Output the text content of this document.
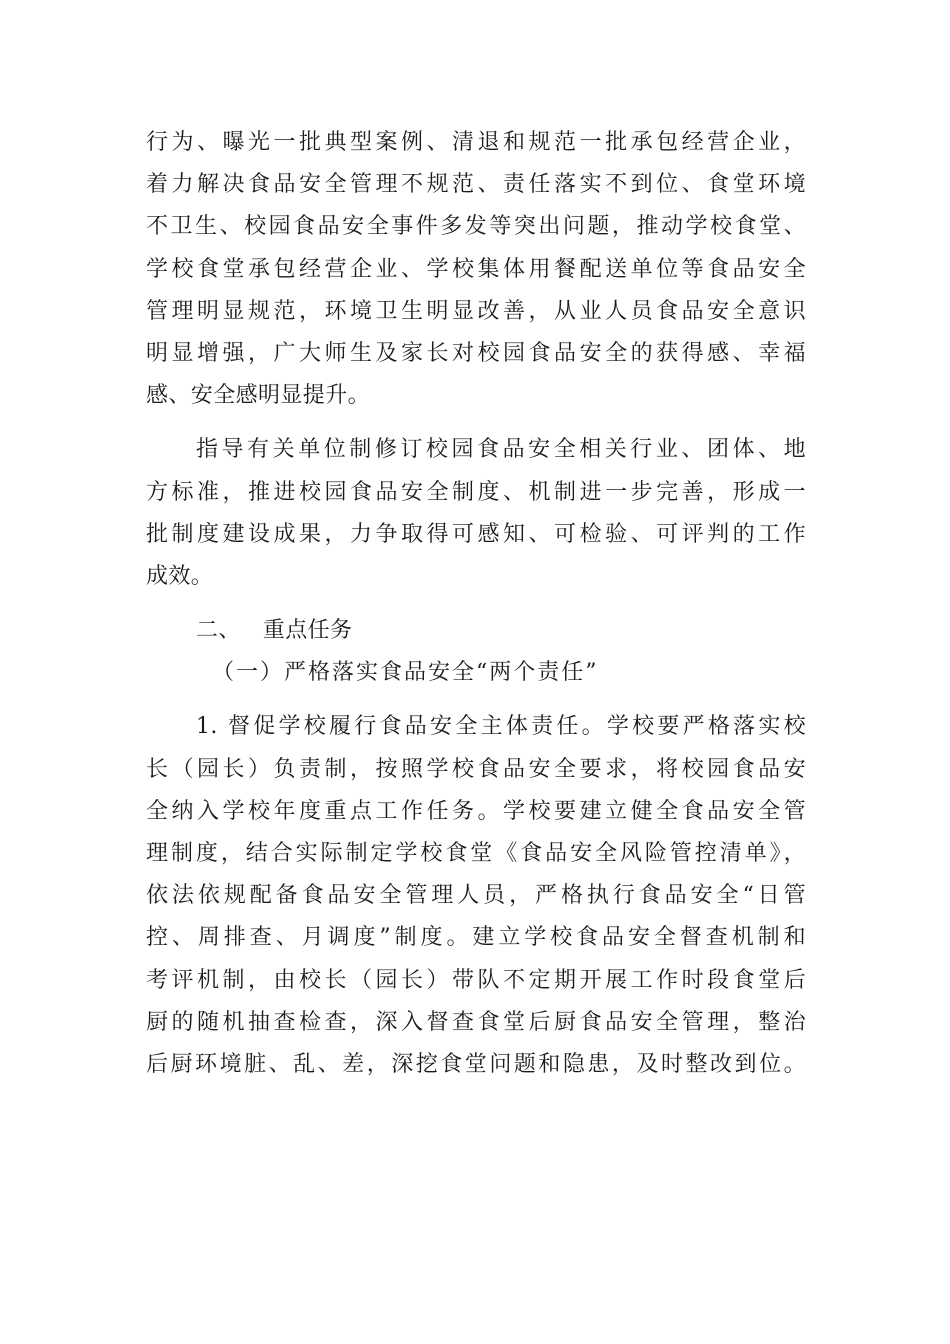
行为、曝光一批典型案例、清退和规范一批承包经营企业，
着力解决食品安全管理不规范、责任落实不到位、食堂环境
不卫生、校园食品安全事件多发等突出问题，推动学校食堂、
学校食堂承包经营企业、学校集体用餐配送单位等食品安全
管理明显规范，环境卫生明显改善，从业人员食品安全意识
明显增强，广大师生及家长对校园食品安全的获得感、幸福
感、安全感明显提升。
指导有关单位制修订校园食品安全相关行业、团体、地
方标准，推进校园食品安全制度、机制进一步完善，形成一
批制度建设成果，力争取得可感知、可检验、可评判的工作
成效。
二、 重点任务
（一）严格落实食品安全“两个责任”
1. 督促学校履行食品安全主体责任。学校要严格落实校
长（园长）负责制，按照学校食品安全要求，将校园食品安
全纳入学校年度重点工作任务。学校要建立健全食品安全管
理制度，结合实际制定学校食堂《食品安全风险管控清单》，
依法依规配备食品安全管理人员，严格执行食品安全“日管
控、周排查、月调度”制度。建立学校食品安全督查机制和
考评机制，由校长（园长）带队不定期开展工作时段食堂后
厨的随机抽查检查，深入督查食堂后厨食品安全管理，整治
后厨环境脏、乱、差，深挖食堂问题和隐患，及时整改到位。
